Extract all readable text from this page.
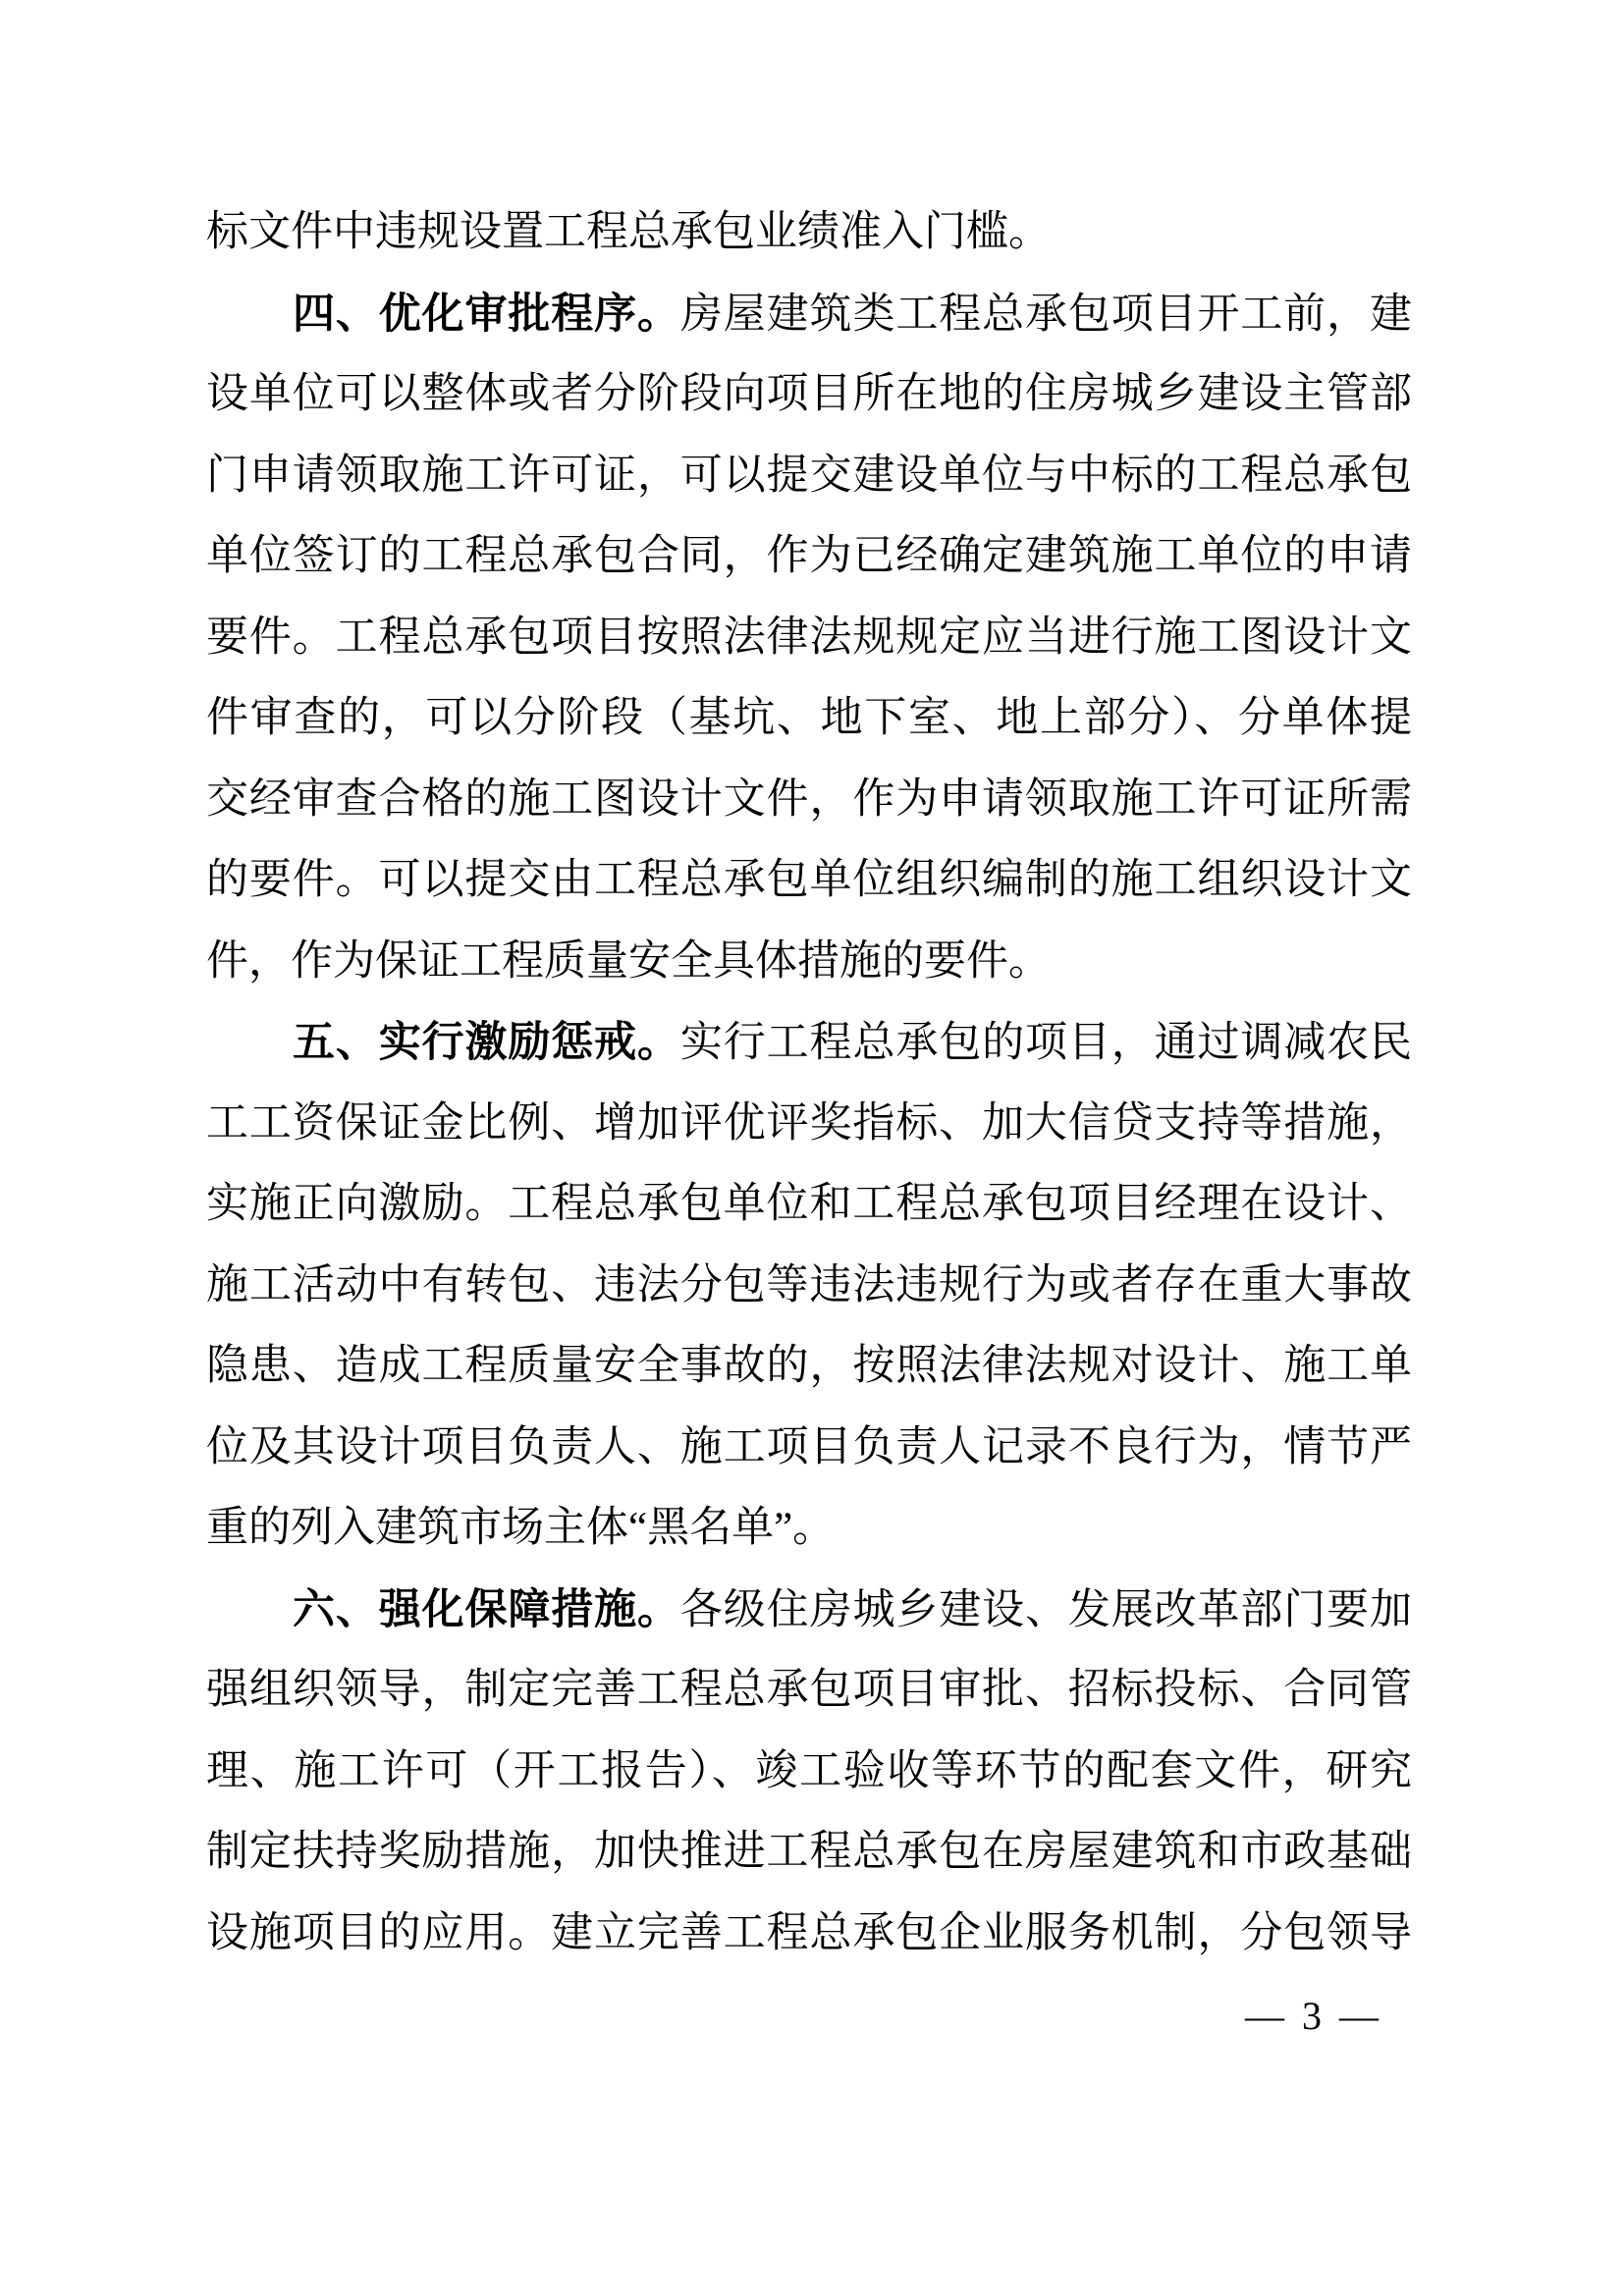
标文件中违规设置工程总承包业绩准入门槛。
四、优化审批程序。房屋建筑类工程总承包项目开工前，建
设单位可以整体或者分阶段向项目所在地的住房城乡建设主管部
门申请领取施工许可证，可以提交建设单位与中标的工程总承包
单位签订的工程总承包合同，作为已经确定建筑施工单位的申请
要件。工程总承包项目按照法律法规规定应当进行施工图设计文
件审查的，可以分阶段（基坑、地下室、地上部分）、分单体提
交经审查合格的施工图设计文件，作为申请领取施工许可证所需
的要件。可以提交由工程总承包单位组织编制的施工组织设计文
件，作为保证工程质量安全具体措施的要件。
五、实行激励惩戒。实行工程总承包的项目，通过调减农民
工工资保证金比例、增加评优评奖指标、加大信贷支持等措施，
实施正向激励。工程总承包单位和工程总承包项目经理在设计、
施工活动中有转包、违法分包等违法违规行为或者存在重大事故
隐患、造成工程质量安全事故的，按照法律法规对设计、施工单
位及其设计项目负责人、施工项目负责人记录不良行为，情节严
重的列入建筑市场主体“黑名单”。
六、强化保障措施。各级住房城乡建设、发展改革部门要加
强组织领导，制定完善工程总承包项目审批、招标投标、合同管
理、施工许可（开工报告）、竣工验收等环节的配套文件，研究
制定扶持奖励措施，加快推进工程总承包在房屋建筑和市政基础
设施项目的应用。建立完善工程总承包企业服务机制，分包领导
— 3 —
